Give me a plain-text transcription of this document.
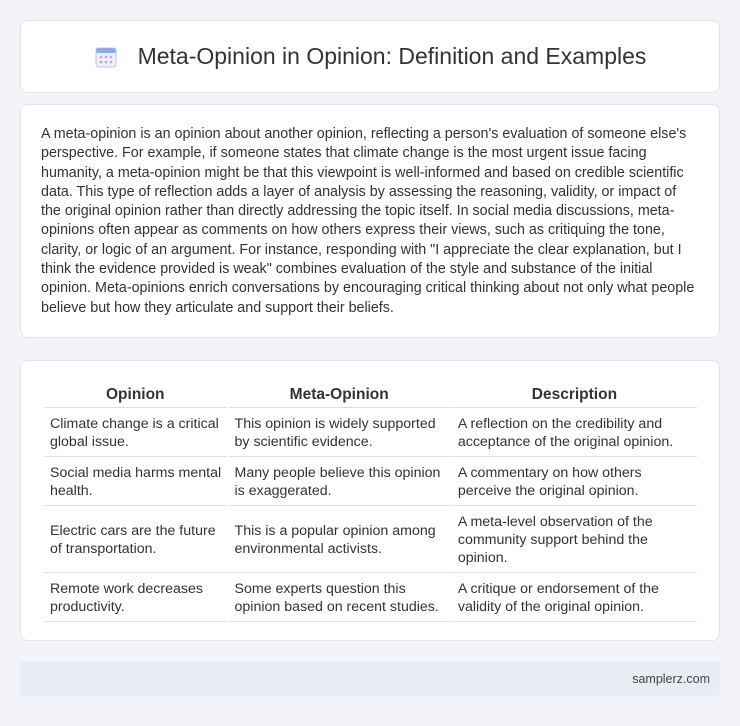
Meta-Opinion in Opinion: Definition and Examples

A meta-opinion is an opinion about another opinion, reflecting a person's evaluation of someone else's perspective. For example, if someone states that climate change is the most urgent issue facing humanity, a meta-opinion might be that this viewpoint is well-informed and based on credible scientific data. This type of reflection adds a layer of analysis by assessing the reasoning, validity, or impact of the original opinion rather than directly addressing the topic itself. In social media discussions, meta-opinions often appear as comments on how others express their views, such as critiquing the tone, clarity, or logic of an argument. For instance, responding with "I appreciate the clear explanation, but I think the evidence provided is weak" combines evaluation of the style and substance of the initial opinion. Meta-opinions enrich conversations by encouraging critical thinking about not only what people believe but how they articulate and support their beliefs.

Opinion	Meta-Opinion	Description
Climate change is a critical global issue.	This opinion is widely supported by scientific evidence.	A reflection on the credibility and acceptance of the original opinion.
Social media harms mental health.	Many people believe this opinion is exaggerated.	A commentary on how others perceive the original opinion.
Electric cars are the future of transportation.	This is a popular opinion among environmental activists.	A meta-level observation of the community support behind the opinion.
Remote work decreases productivity.	Some experts question this opinion based on recent studies.	A critique or endorsement of the validity of the original opinion.
samplerz.com
